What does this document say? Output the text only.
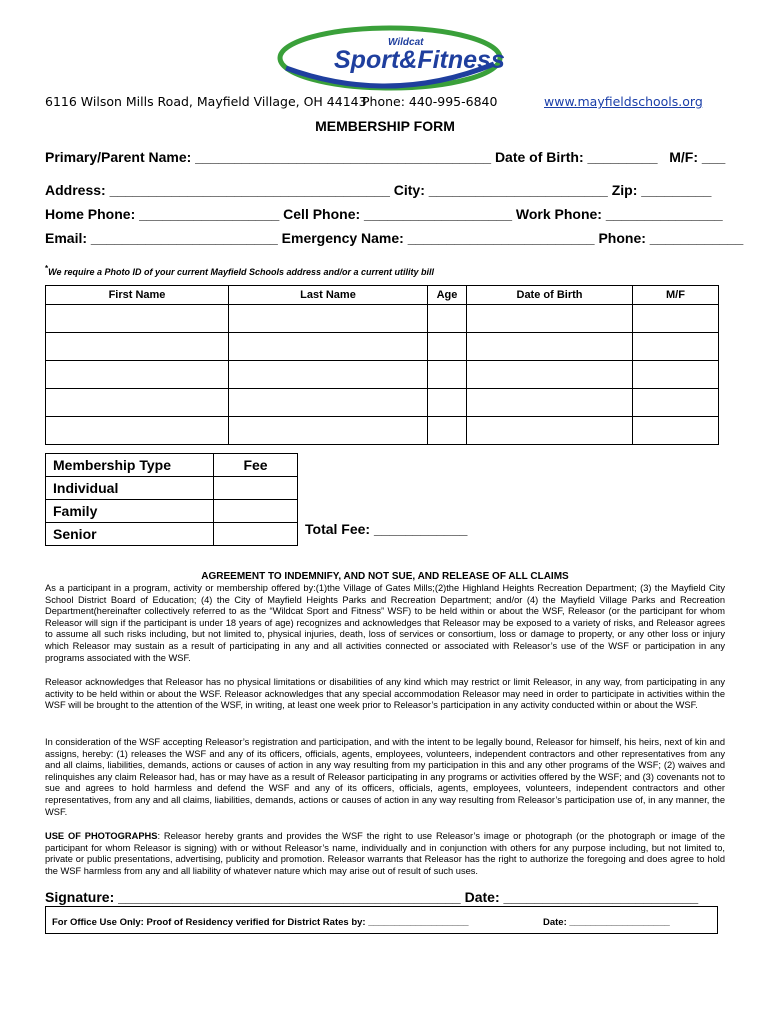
Sport&Fitness
Wildcat
6116 Wilson Mills Road, Mayfield Village, OH 44143
Phone: 440-995-6840	www.mayfieldschools.org
MEMBERSHIP FORM
Primary/Parent Name: ______________________________________ Date of Birth: _________   M/F: ___
Address: ____________________________________ City: _______________________ Zip: _________
Home Phone: __________________ Cell Phone: ___________________ Work Phone: _______________
Email: ________________________ Emergency Name: ________________________ Phone: ____________
*We require a Photo ID of your current Mayfield Schools address and/or a current utility bill
First Name	Last Name	Age	Date of Birth	M/F

Membership Type	Fee
Individual	
Family	
Senior		Total Fee: ____________
AGREEMENT TO INDEMNIFY, AND NOT SUE, AND RELEASE OF ALL CLAIMS
As a participant in a program, activity or membership offered by:(1)the Village of Gates Mills;(2)the Highland Heights Recreation Department; (3) the Mayfield City School District Board of Education; (4) the City of Mayfield Heights Parks and Recreation Department; and/or (4) the Mayfield Village Parks and Recreation Department(hereinafter collectively referred to as the “Wildcat Sport and Fitness” WSF) to be held within or about the WSF, Releasor (or the participant for whom Releasor will sign if the participant is under 18 years of age) recognizes and acknowledges that Releasor may be exposed to a variety of risks, and Releasor agrees to assume all such risks including, but not limited to, physical injuries, death, loss of services or consortium, loss or damage to property, or any other loss or injury which Releasor may sustain as a result of participating in any and all activities connected or associated with Releasor’s use of the WSF or participation in any programs associated with the WSF.
Releasor acknowledges that Releasor has no physical limitations or disabilities of any kind which may restrict or limit Releasor, in any way, from participating in any activity to be held within or about the WSF. Releasor acknowledges that any special accommodation Releasor may need in order to participate in activities within the WSF will be brought to the attention of the WSF, in writing, at least one week prior to Releasor’s participation in any activity conducted within or about the WSF.
In consideration of the WSF accepting Releasor’s registration and participation, and with the intent to be legally bound, Releasor for himself, his heirs, next of kin and assigns, hereby: (1) releases the WSF and any of its officers, officials, agents, employees, volunteers, independent contractors and other representatives from any and all claims, liabilities, demands, actions or causes of action in any way resulting from my participation in this and any other programs of the WSF; (2) waives and relinquishes any claim Releasor had, has or may have as a result of Releasor participating in any programs or activities offered by the WSF; and (3) covenants not to sue and agrees to hold harmless and defend the WSF and any of its officers, officials, agents, employees, volunteers, independent contractors and other representatives, from any and all claims, liabilities, demands, actions or causes of action in any way resulting from Releasor’s participation use of, in any manner, the WSF.
USE OF PHOTOGRAPHS: Releasor hereby grants and provides the WSF the right to use Releasor’s image or photograph (or the photograph or image of the participant for whom Releasor is signing) with or without Releasor’s name, individually and in conjunction with others for any purpose including, but not limited to, private or public presentations, advertising, publicity and promotion. Releasor warrants that Releasor has the right to authorize the foregoing and does agree to hold the WSF harmless from any and all liability of whatever nature which may arise out of result of such uses.
Signature: ____________________________________________ Date: _________________________
For Office Use Only: Proof of Residency verified for District Rates by: ___________________	Date: ___________________
